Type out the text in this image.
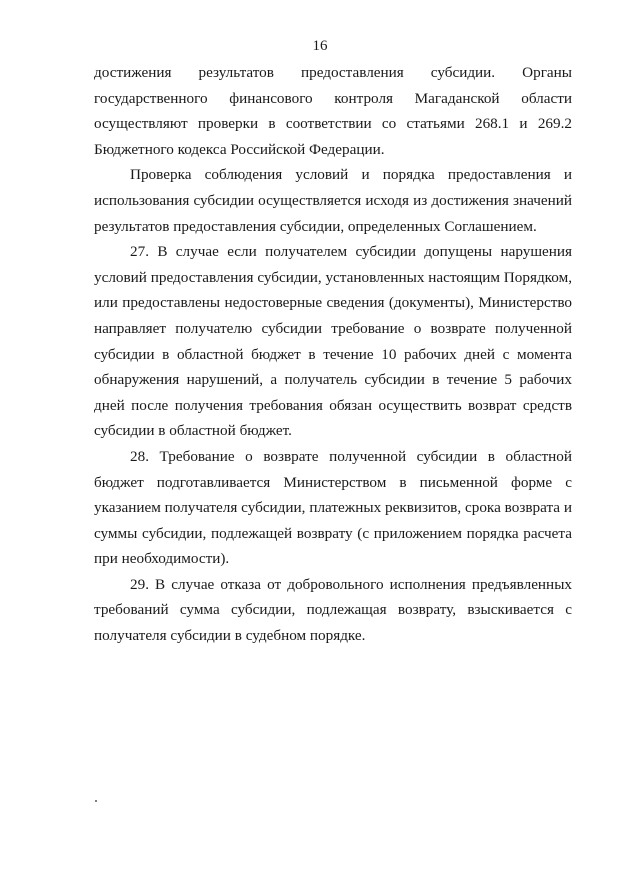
16

достижения результатов предоставления субсидии. Органы государственного финансового контроля Магаданской области осуществляют проверки в соответствии со статьями 268.1 и 269.2 Бюджетного кодекса Российской Федерации.

Проверка соблюдения условий и порядка предоставления и использования субсидии осуществляется исходя из достижения значений результатов предоставления субсидии, определенных Соглашением.

27. В случае если получателем субсидии допущены нарушения условий предоставления субсидии, установленных настоящим Порядком, или предоставлены недостоверные сведения (документы), Министерство направляет получателю субсидии требование о возврате полученной субсидии в областной бюджет в течение 10 рабочих дней с момента обнаружения нарушений, а получатель субсидии в течение 5 рабочих дней после получения требования обязан осуществить возврат средств субсидии в областной бюджет.

28. Требование о возврате полученной субсидии в областной бюджет подготавливается Министерством в письменной форме с указанием получателя субсидии, платежных реквизитов, срока возврата и суммы субсидии, подлежащей возврату (с приложением порядка расчета при необходимости).

29. В случае отказа от добровольного исполнения предъявленных требований сумма субсидии, подлежащая возврату, взыскивается с получателя субсидии в судебном порядке.
